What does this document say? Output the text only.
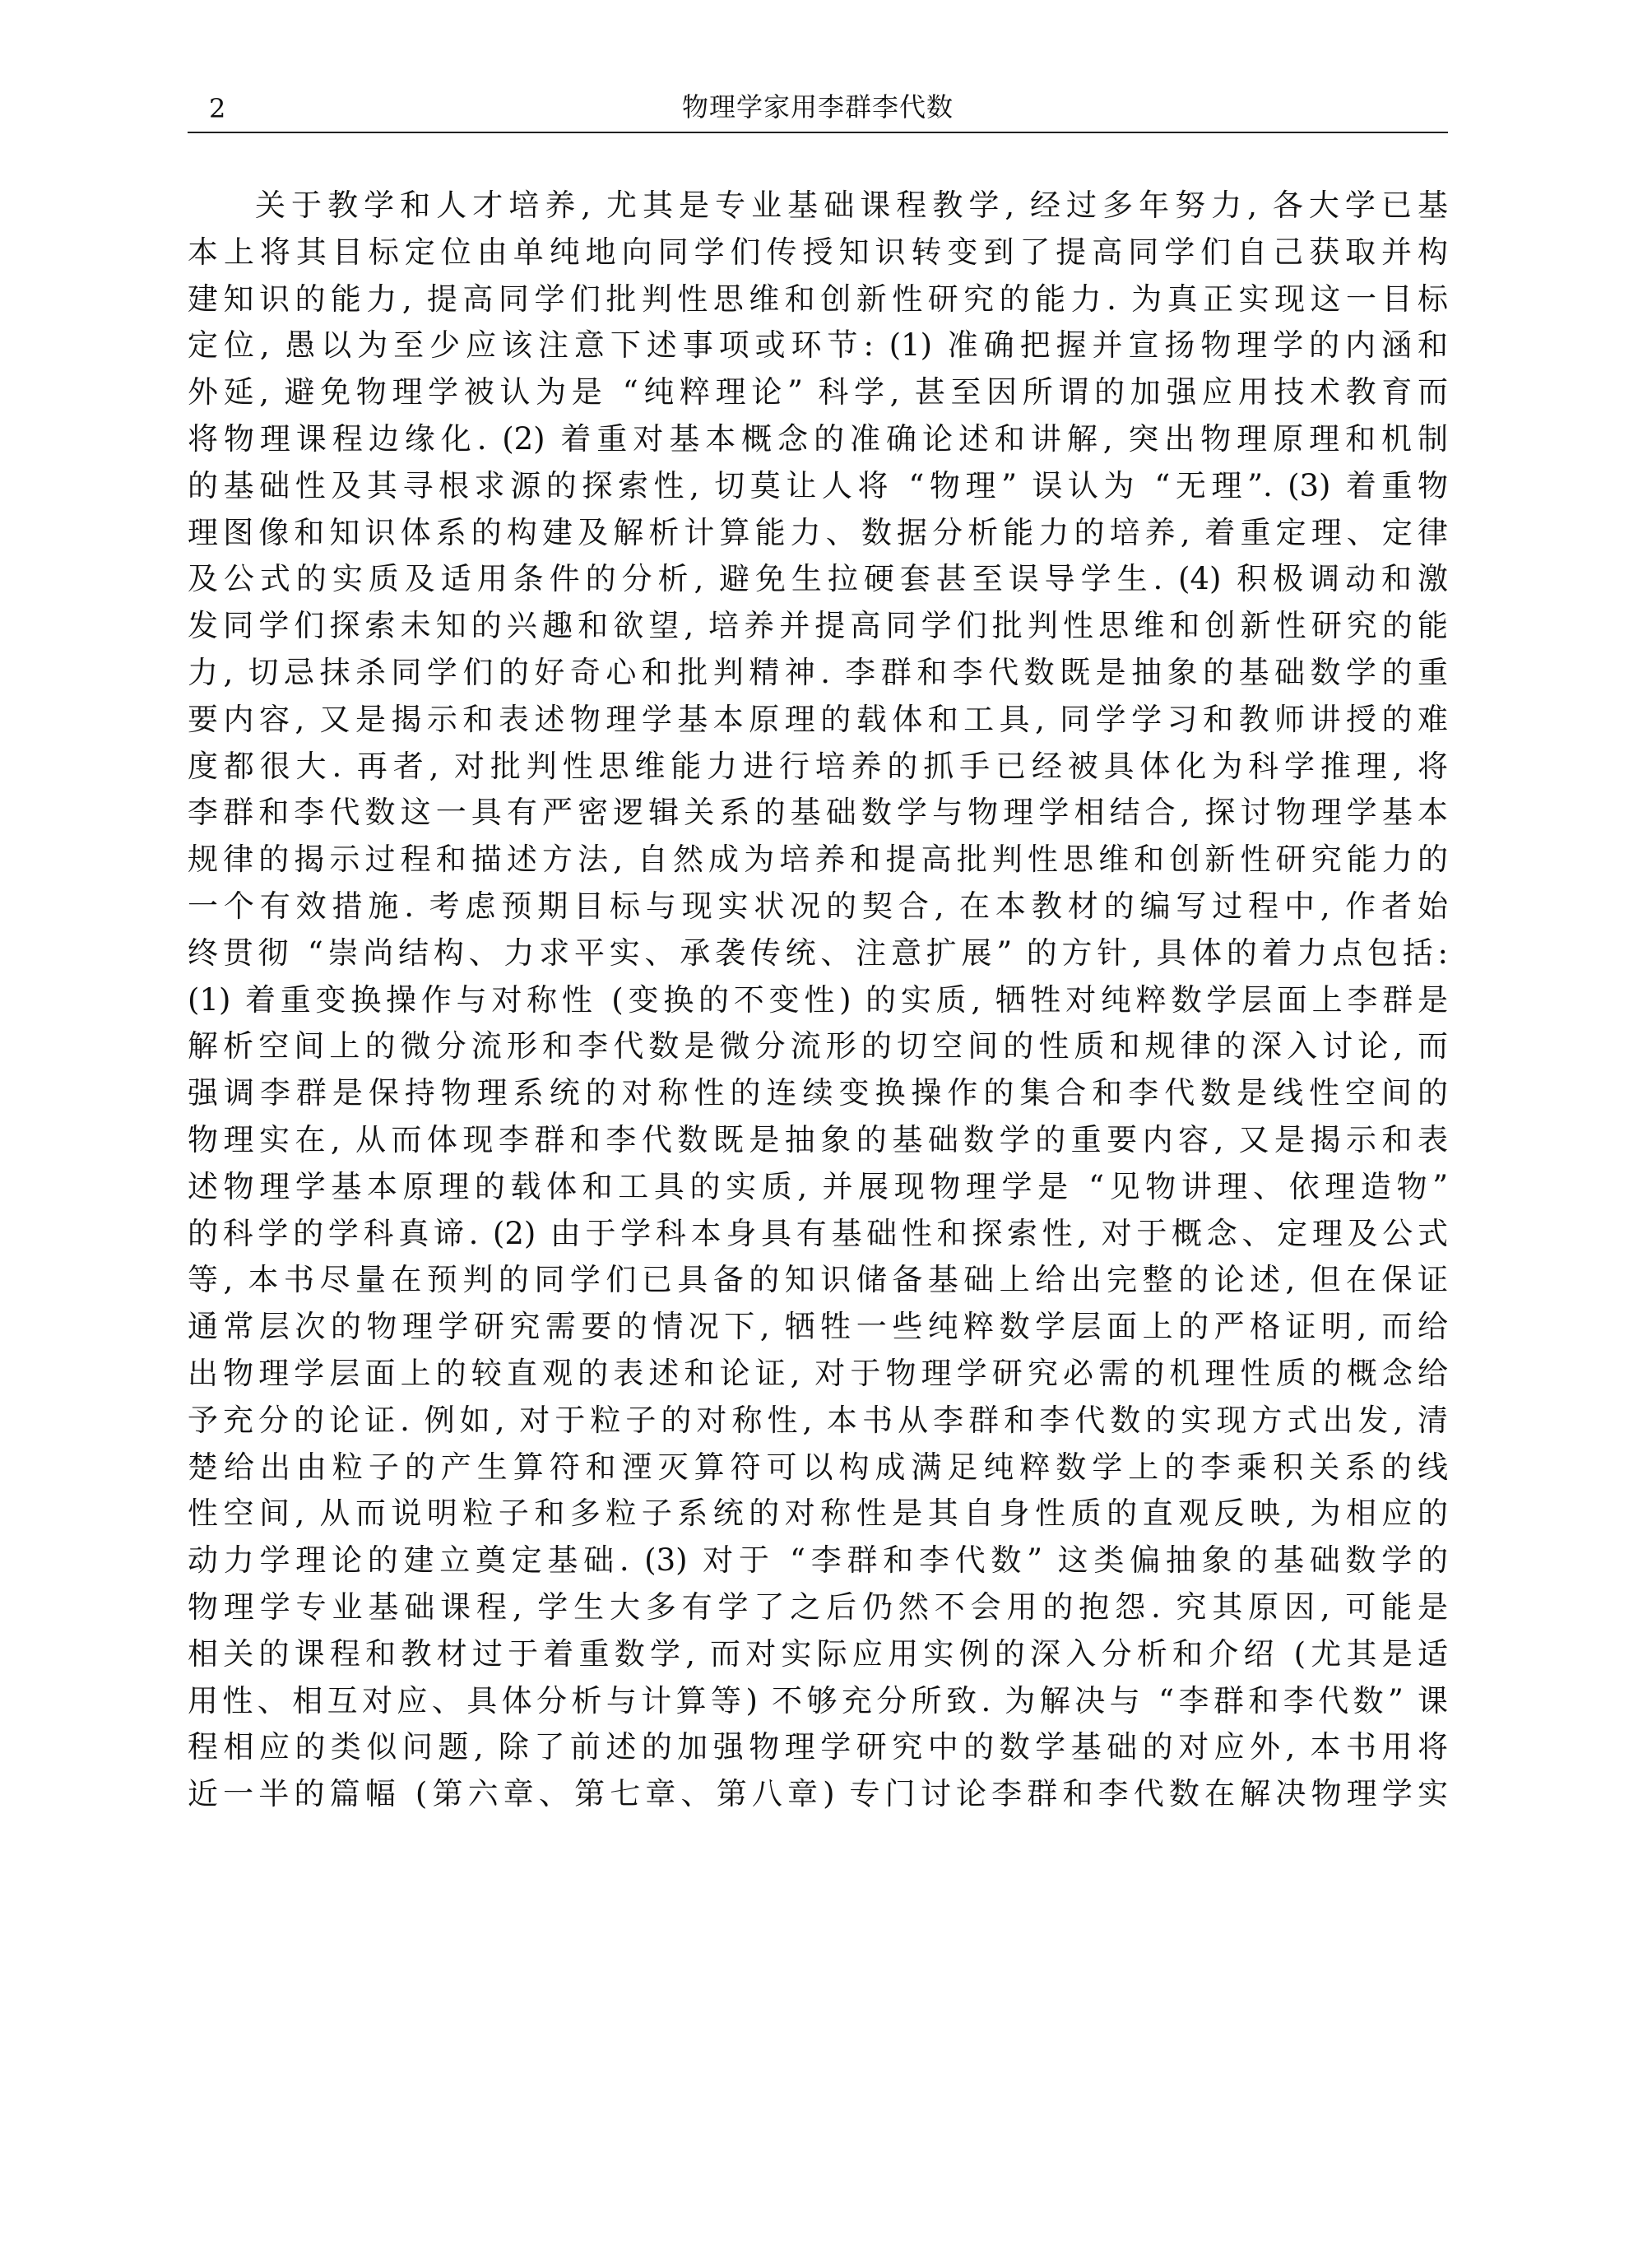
2	物理学家用李群李代数
关于教学和人才培养, 尤其是专业基础课程教学, 经过多年努力, 各大学已基
本上将其目标定位由单纯地向同学们传授知识转变到了提高同学们自己获取并构
建知识的能力, 提高同学们批判性思维和创新性研究的能力. 为真正实现这一目标
定位, 愚以为至少应该注意下述事项或环节: (1) 准确把握并宣扬物理学的内涵和
外延, 避免物理学被认为是 “纯粹理论” 科学, 甚至因所谓的加强应用技术教育而
将物理课程边缘化. (2) 着重对基本概念的准确论述和讲解, 突出物理原理和机制
的基础性及其寻根求源的探索性, 切莫让人将 “物理” 误认为 “无理”. (3) 着重物
理图像和知识体系的构建及解析计算能力、数据分析能力的培养, 着重定理、定律
及公式的实质及适用条件的分析, 避免生拉硬套甚至误导学生. (4) 积极调动和激
发同学们探索未知的兴趣和欲望, 培养并提高同学们批判性思维和创新性研究的能
力, 切忌抹杀同学们的好奇心和批判精神. 李群和李代数既是抽象的基础数学的重
要内容, 又是揭示和表述物理学基本原理的载体和工具, 同学学习和教师讲授的难
度都很大. 再者, 对批判性思维能力进行培养的抓手已经被具体化为科学推理, 将
李群和李代数这一具有严密逻辑关系的基础数学与物理学相结合, 探讨物理学基本
规律的揭示过程和描述方法, 自然成为培养和提高批判性思维和创新性研究能力的
一个有效措施. 考虑预期目标与现实状况的契合, 在本教材的编写过程中, 作者始
终贯彻 “崇尚结构、力求平实、承袭传统、注意扩展” 的方针, 具体的着力点包括:
(1) 着重变换操作与对称性 (变换的不变性) 的实质, 牺牲对纯粹数学层面上李群是
解析空间上的微分流形和李代数是微分流形的切空间的性质和规律的深入讨论, 而
强调李群是保持物理系统的对称性的连续变换操作的集合和李代数是线性空间的
物理实在, 从而体现李群和李代数既是抽象的基础数学的重要内容, 又是揭示和表
述物理学基本原理的载体和工具的实质, 并展现物理学是 “见物讲理、依理造物”
的科学的学科真谛. (2) 由于学科本身具有基础性和探索性, 对于概念、定理及公式
等, 本书尽量在预判的同学们已具备的知识储备基础上给出完整的论述, 但在保证
通常层次的物理学研究需要的情况下, 牺牲一些纯粹数学层面上的严格证明, 而给
出物理学层面上的较直观的表述和论证, 对于物理学研究必需的机理性质的概念给
予充分的论证. 例如, 对于粒子的对称性, 本书从李群和李代数的实现方式出发, 清
楚给出由粒子的产生算符和湮灭算符可以构成满足纯粹数学上的李乘积关系的线
性空间, 从而说明粒子和多粒子系统的对称性是其自身性质的直观反映, 为相应的
动力学理论的建立奠定基础. (3) 对于 “李群和李代数” 这类偏抽象的基础数学的
物理学专业基础课程, 学生大多有学了之后仍然不会用的抱怨. 究其原因, 可能是
相关的课程和教材过于着重数学, 而对实际应用实例的深入分析和介绍 (尤其是适
用性、相互对应、具体分析与计算等) 不够充分所致. 为解决与 “李群和李代数” 课
程相应的类似问题, 除了前述的加强物理学研究中的数学基础的对应外, 本书用将
近一半的篇幅 (第六章、第七章、第八章) 专门讨论李群和李代数在解决物理学实
